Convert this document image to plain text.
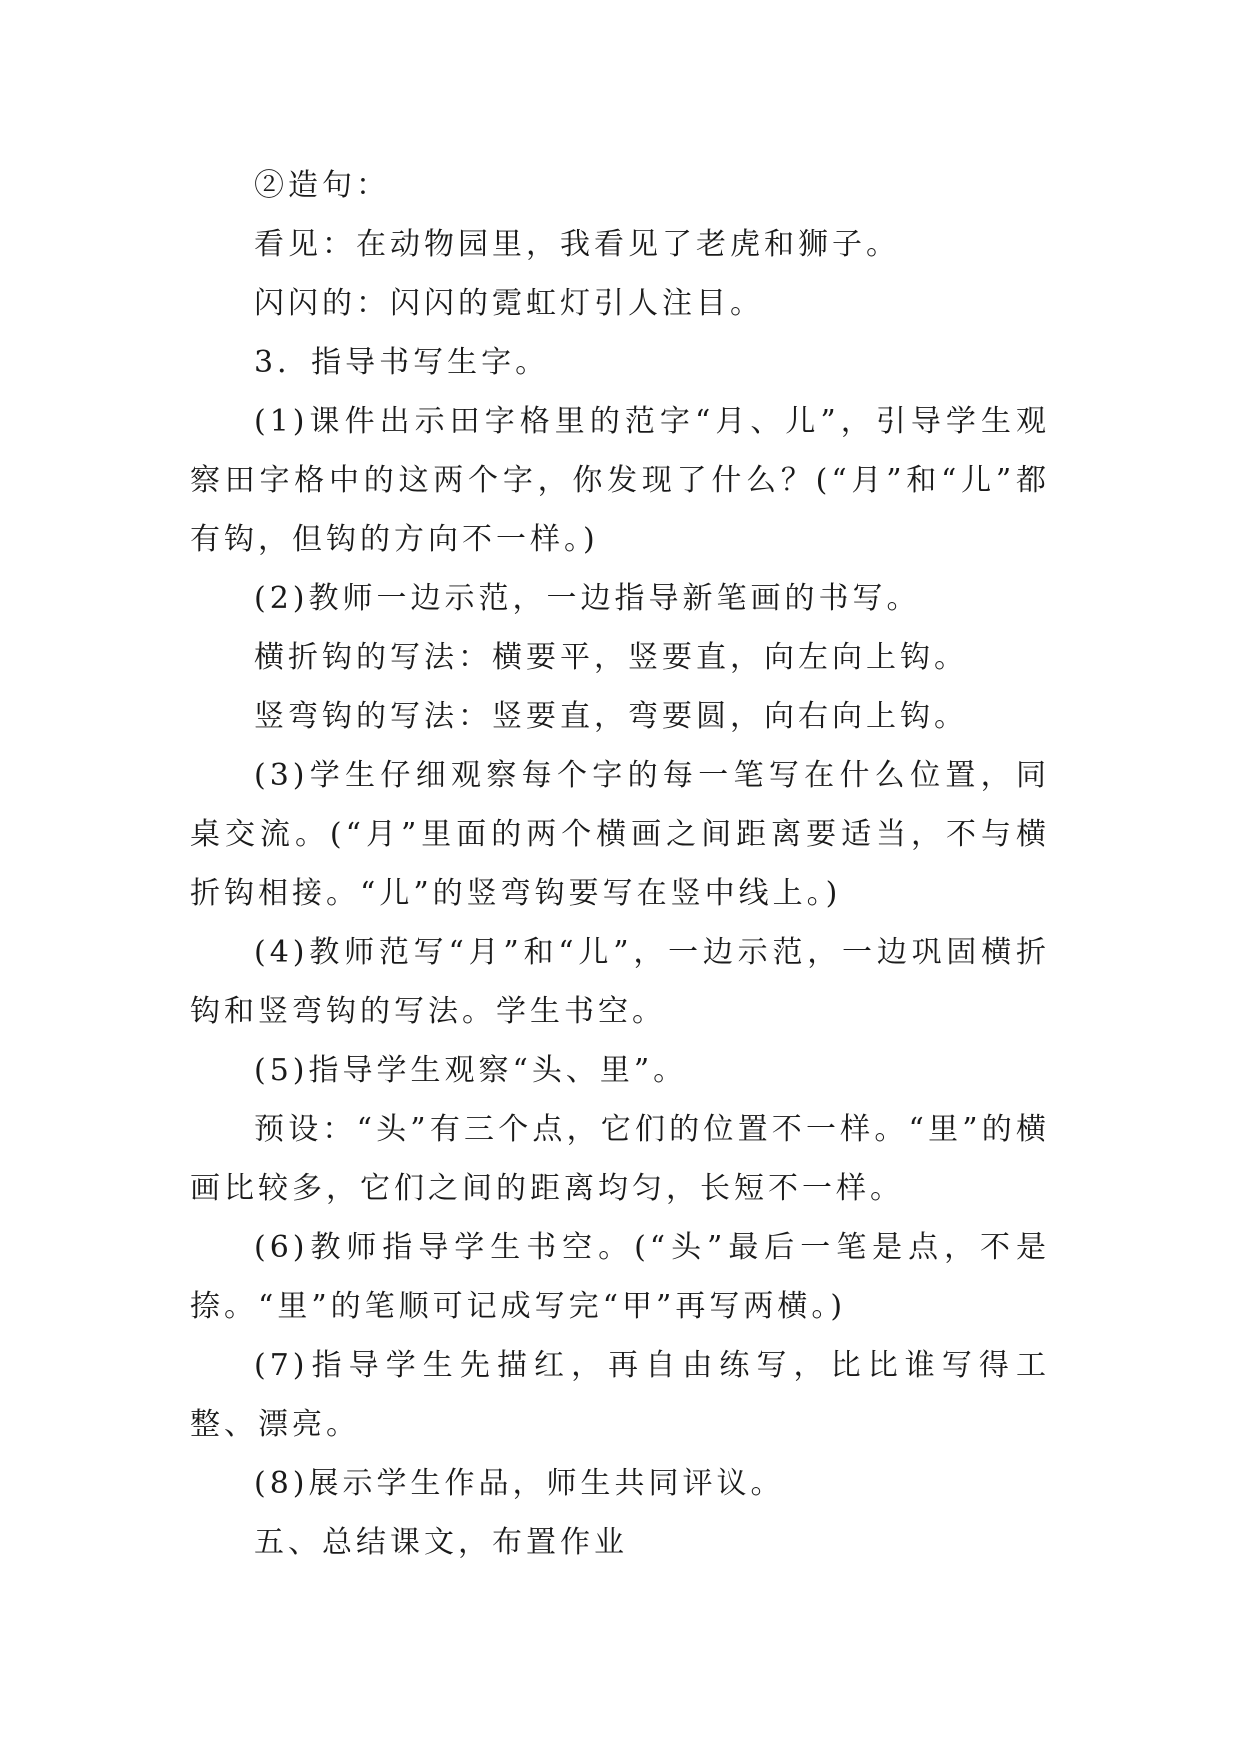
②造句：

看见：在动物园里，我看见了老虎和狮子。

闪闪的：闪闪的霓虹灯引人注目。

3．指导书写生字。

(1)课件出示田字格里的范字“月、儿”，引导学生观察田字格中的这两个字，你发现了什么？(“月”和“儿”都有钩，但钩的方向不一样。)

(2)教师一边示范，一边指导新笔画的书写。

横折钩的写法：横要平，竖要直，向左向上钩。

竖弯钩的写法：竖要直，弯要圆，向右向上钩。

(3)学生仔细观察每个字的每一笔写在什么位置，同桌交流。(“月”里面的两个横画之间距离要适当，不与横折钩相接。“儿”的竖弯钩要写在竖中线上。)

(4)教师范写“月”和“儿”，一边示范，一边巩固横折钩和竖弯钩的写法。学生书空。

(5)指导学生观察“头、里”。

预设：“头”有三个点，它们的位置不一样。“里”的横画比较多，它们之间的距离均匀，长短不一样。

(6)教师指导学生书空。(“头”最后一笔是点，不是捺。“里”的笔顺可记成写完“甲”再写两横。)

(7)指导学生先描红，再自由练写，比比谁写得工整、漂亮。

(8)展示学生作品，师生共同评议。

五、总结课文，布置作业
